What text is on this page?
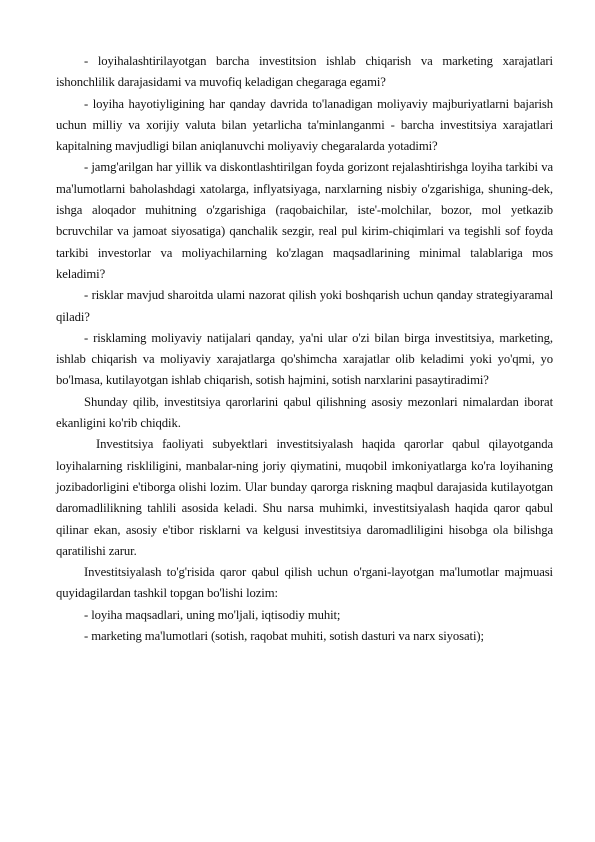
- loyihalashtirilayotgan barcha investitsion ishlab chiqarish va marketing xarajatlari ishonchlilik darajasidami va muvofiq keladigan chegaraga egami?

- loyiha hayotiyligining har qanday davrida to'lanadigan moliyaviy majburiyatlarni bajarish uchun milliy va xorijiy valuta bilan yetarlicha ta'minlanganmi - barcha investitsiya xarajatlari kapitalning mavjudligi bilan aniqlanuvchi moliyaviy chegaralarda yotadimi?

- jamg'arilgan har yillik va diskontlashtirilgan foyda gorizont rejalashtirishga loyiha tarkibi va ma'lumotlarni baholashdagi xatolarga, inflyatsiyaga, narxlarning nisbiy o'zgarishiga, shuning-dek, ishga aloqador muhitning o'zgarishiga (raqobaichilar, iste'-molchilar, bozor, mol yetkazib bcruvchilar va jamoat siyosatiga) qanchalik sezgir, real pul kirim-chiqimlari va tegishli sof foyda tarkibi investorlar va moliyachilarning ko'zlagan maqsadlarining minimal talablariga mos keladimi?

- risklar mavjud sharoitda ulami nazorat qilish yoki boshqarish uchun qanday strategiyaramal qiladi?

- risklaming moliyaviy natijalari qanday, ya'ni ular o'zi bilan birga investitsiya, marketing, ishlab chiqarish va moliyaviy xarajatlarga qo'shimcha xarajatlar olib keladimi yoki yo'qmi, yo bo'lmasa, kutilayotgan ishlab chiqarish, sotish hajmini, sotish narxlarini pasaytiradimi?

Shunday qilib, investitsiya qarorlarini qabul qilishning asosiy mezonlari nimalardan iborat ekanligini ko'rib chiqdik.

Investitsiya faoliyati subyektlari investitsiyalash haqida qarorlar qabul qilayotganda loyihalarning riskliligini, manbalar-ning joriy qiymatini, muqobil imkoniyatlarga ko'ra loyihaning jozibadorligini e'tiborga olishi lozim. Ular bunday qarorga riskning maqbul darajasida kutilayotgan daromadlilikning tahlili asosida keladi. Shu narsa muhimki, investitsiyalash haqida qaror qabul qilinar ekan, asosiy e'tibor risklarni va kelgusi investitsiya daromadliligini hisobga ola bilishga qaratilishi zarur.

Investitsiyalash to'g'risida qaror qabul qilish uchun o'rgani-layotgan ma'lumotlar majmuasi quyidagilardan tashkil topgan bo'lishi lozim:

- loyiha maqsadlari, uning mo'ljali, iqtisodiy muhit;

- marketing ma'lumotlari (sotish, raqobat muhiti, sotish dasturi va narx siyosati);
